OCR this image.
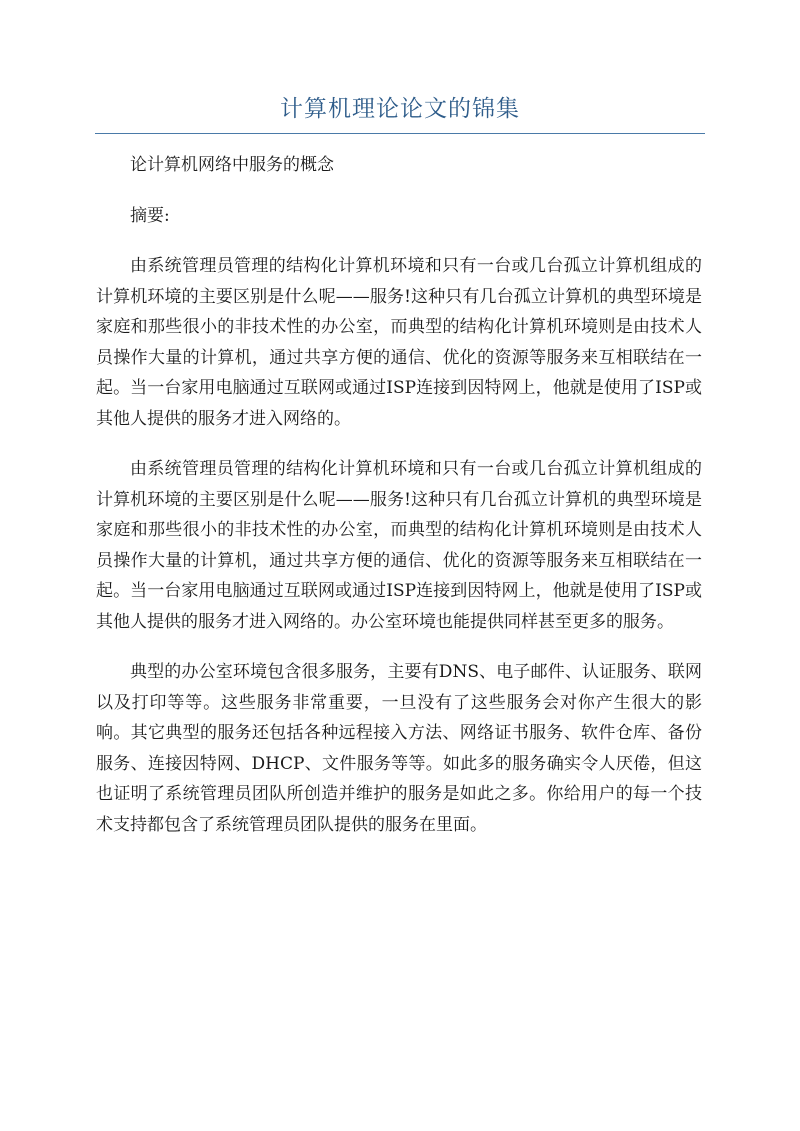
计算机理论论文的锦集

论计算机网络中服务的概念

摘要:

由系统管理员管理的结构化计算机环境和只有一台或几台孤立计算机组成的计算机环境的主要区别是什么呢——服务!这种只有几台孤立计算机的典型环境是家庭和那些很小的非技术性的办公室，而典型的结构化计算机环境则是由技术人员操作大量的计算机，通过共享方便的通信、优化的资源等服务来互相联结在一起。当一台家用电脑通过互联网或通过ISP连接到因特网上，他就是使用了ISP或其他人提供的服务才进入网络的。

由系统管理员管理的结构化计算机环境和只有一台或几台孤立计算机组成的计算机环境的主要区别是什么呢——服务!这种只有几台孤立计算机的典型环境是家庭和那些很小的非技术性的办公室，而典型的结构化计算机环境则是由技术人员操作大量的计算机，通过共享方便的通信、优化的资源等服务来互相联结在一起。当一台家用电脑通过互联网或通过ISP连接到因特网上，他就是使用了ISP或其他人提供的服务才进入网络的。办公室环境也能提供同样甚至更多的服务。

典型的办公室环境包含很多服务，主要有DNS、电子邮件、认证服务、联网以及打印等等。这些服务非常重要，一旦没有了这些服务会对你产生很大的影响。其它典型的服务还包括各种远程接入方法、网络证书服务、软件仓库、备份服务、连接因特网、DHCP、文件服务等等。如此多的服务确实令人厌倦，但这也证明了系统管理员团队所创造并维护的服务是如此之多。你给用户的每一个技术支持都包含了系统管理员团队提供的服务在里面。
